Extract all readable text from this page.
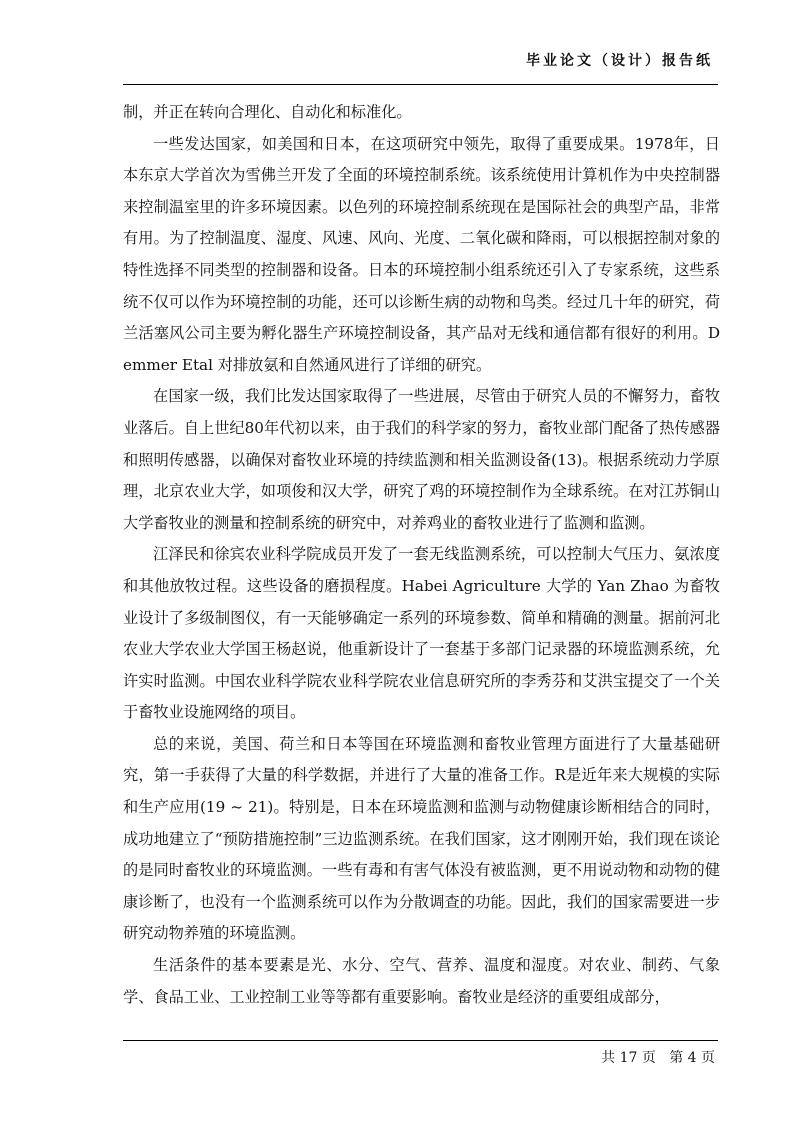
毕业论文（设计）报告纸

制，并正在转向合理化、自动化和标准化。

一些发达国家，如美国和日本，在这项研究中领先，取得了重要成果。1978年，日本东京大学首次为雪佛兰开发了全面的环境控制系统。该系统使用计算机作为中央控制器来控制温室里的许多环境因素。以色列的环境控制系统现在是国际社会的典型产品，非常有用。为了控制温度、湿度、风速、风向、光度、二氧化碳和降雨，可以根据控制对象的特性选择不同类型的控制器和设备。日本的环境控制小组系统还引入了专家系统，这些系统不仅可以作为环境控制的功能，还可以诊断生病的动物和鸟类。经过几十年的研究，荷兰活塞风公司主要为孵化器生产环境控制设备，其产品对无线和通信都有很好的利用。Demmer Etal 对排放氨和自然通风进行了详细的研究。

在国家一级，我们比发达国家取得了一些进展，尽管由于研究人员的不懈努力，畜牧业落后。自上世纪80年代初以来，由于我们的科学家的努力，畜牧业部门配备了热传感器和照明传感器，以确保对畜牧业环境的持续监测和相关监测设备(13)。根据系统动力学原理，北京农业大学，如项俊和汉大学，研究了鸡的环境控制作为全球系统。在对江苏铜山大学畜牧业的测量和控制系统的研究中，对养鸡业的畜牧业进行了监测和监测。

江泽民和徐宾农业科学院成员开发了一套无线监测系统，可以控制大气压力、氨浓度和其他放牧过程。这些设备的磨损程度。Habei Agriculture 大学的 Yan Zhao 为畜牧业设计了多级制图仪，有一天能够确定一系列的环境参数、简单和精确的测量。据前河北农业大学农业大学国王杨赵说，他重新设计了一套基于多部门记录器的环境监测系统，允许实时监测。中国农业科学院农业科学院农业信息研究所的李秀芬和艾洪宝提交了一个关于畜牧业设施网络的项目。

总的来说，美国、荷兰和日本等国在环境监测和畜牧业管理方面进行了大量基础研究，第一手获得了大量的科学数据，并进行了大量的准备工作。R是近年来大规模的实际和生产应用(19 ~ 21)。特别是，日本在环境监测和监测与动物健康诊断相结合的同时，成功地建立了“预防措施控制”三边监测系统。在我们国家，这才刚刚开始，我们现在谈论的是同时畜牧业的环境监测。一些有毒和有害气体没有被监测，更不用说动物和动物的健康诊断了，也没有一个监测系统可以作为分散调查的功能。因此，我们的国家需要进一步研究动物养殖的环境监测。

生活条件的基本要素是光、水分、空气、营养、温度和湿度。对农业、制药、气象学、食品工业、工业控制工业等等都有重要影响。畜牧业是经济的重要组成部分，

共 17 页   第 4 页
